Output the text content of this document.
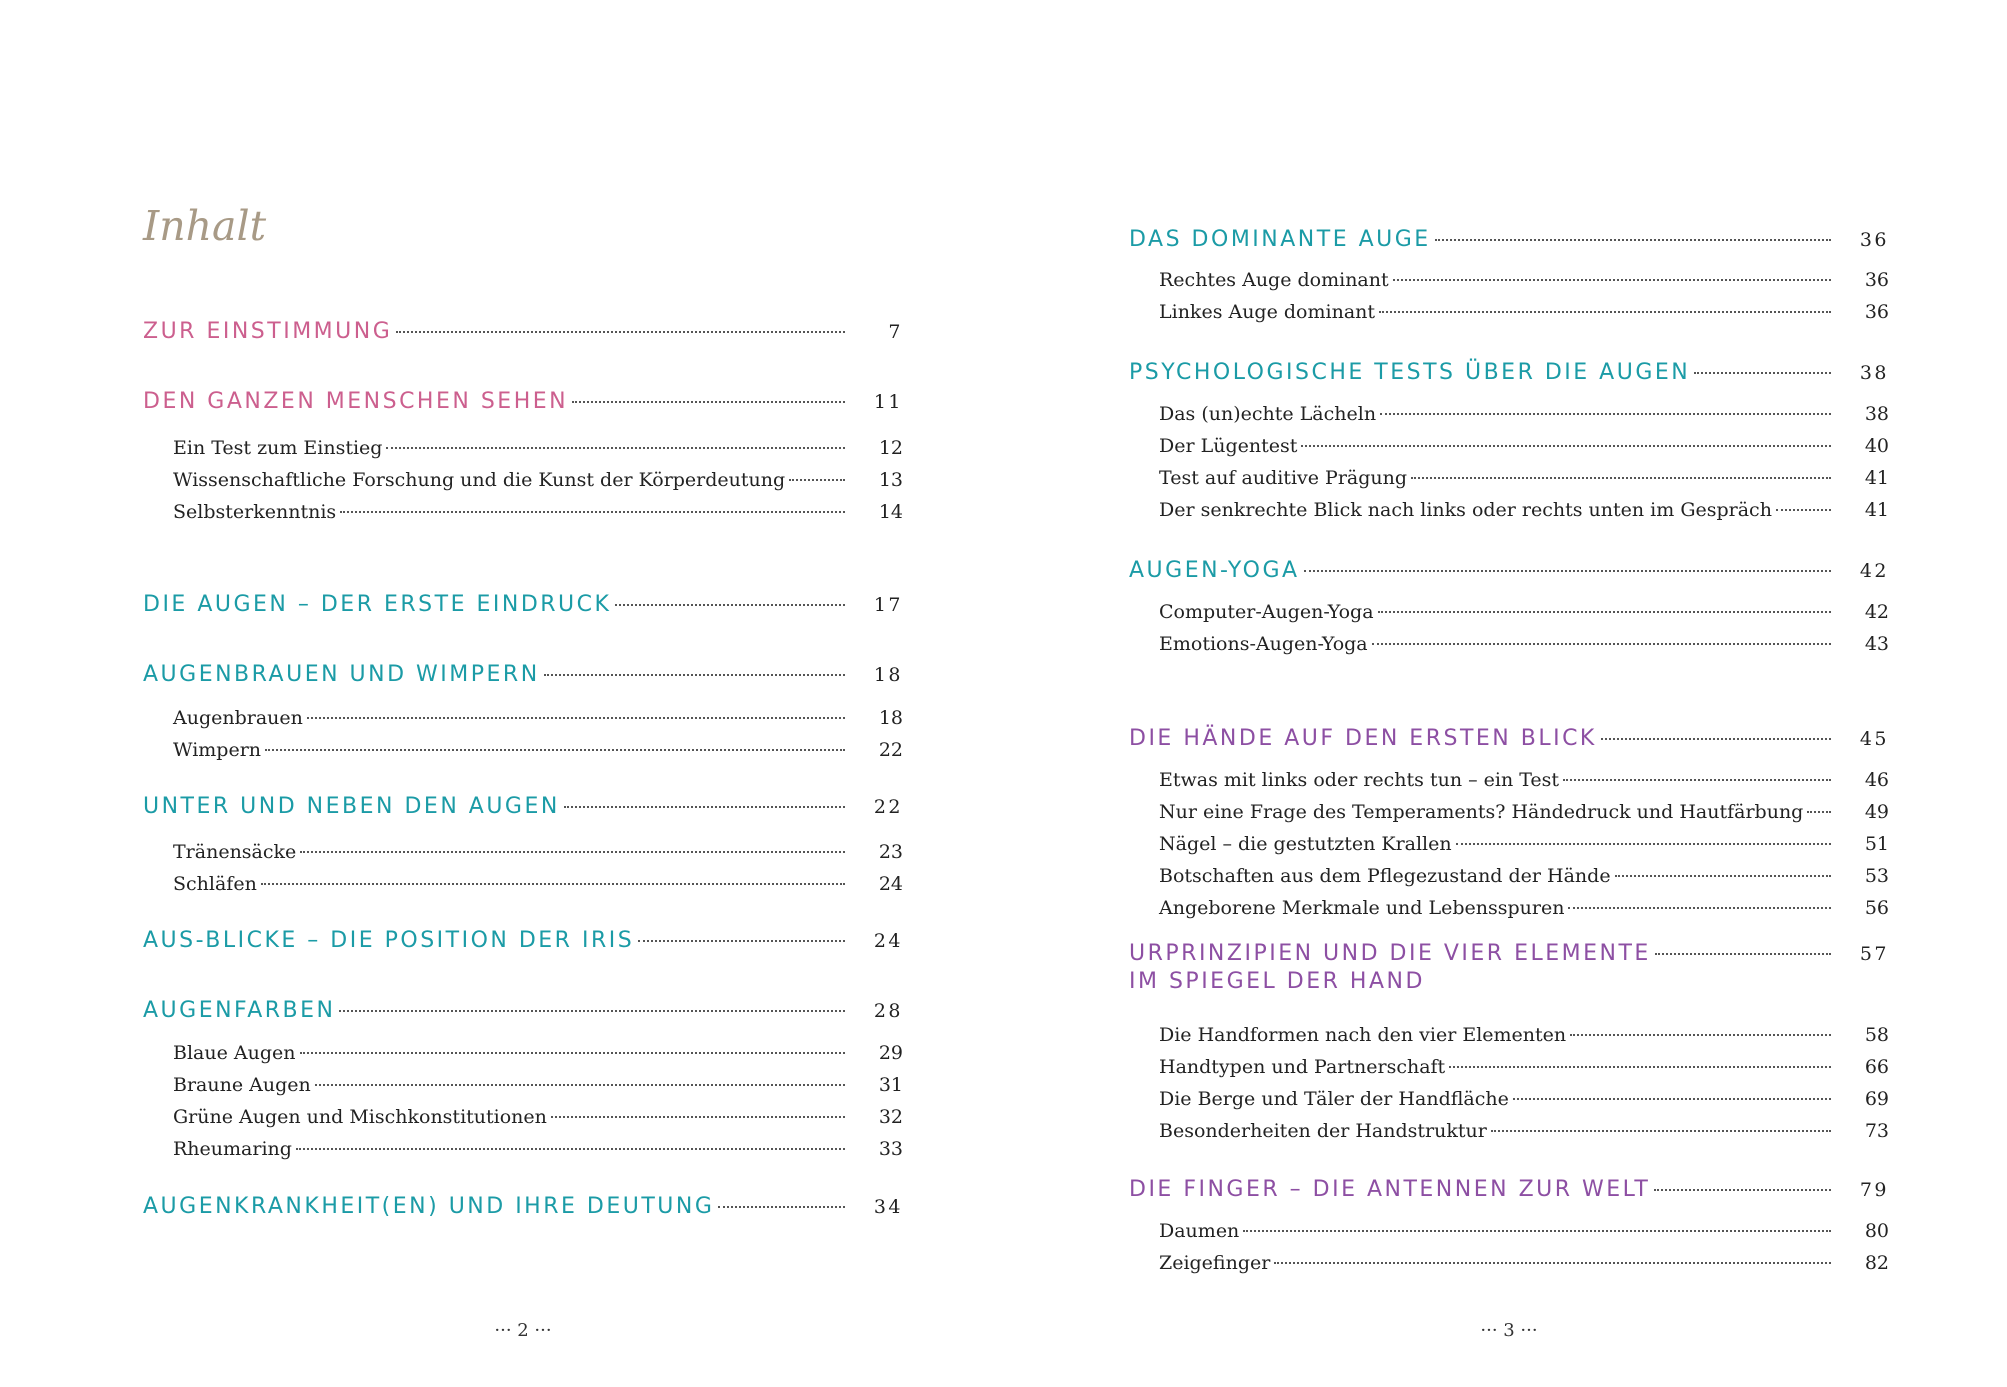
Inhalt
ZUR EINSTIMMUNG	7
DEN GANZEN MENSCHEN SEHEN	11
Ein Test zum Einstieg	12
Wissenschaftliche Forschung und die Kunst der Körperdeutung	13
Selbsterkenntnis	14
DIE AUGEN – DER ERSTE EINDRUCK	17
AUGENBRAUEN UND WIMPERN	18
Augenbrauen	18
Wimpern	22
UNTER UND NEBEN DEN AUGEN	22
Tränensäcke	23
Schläfen	24
AUS-BLICKE – DIE POSITION DER IRIS	24
AUGENFARBEN	28
Blaue Augen	29
Braune Augen	31
Grüne Augen und Mischkonstitutionen	32
Rheumaring	33
AUGENKRANKHEIT(EN) UND IHRE DEUTUNG	34
··· 2 ···
DAS DOMINANTE AUGE	36
Rechtes Auge dominant	36
Linkes Auge dominant	36
PSYCHOLOGISCHE TESTS ÜBER DIE AUGEN	38
Das (un)echte Lächeln	38
Der Lügentest	40
Test auf auditive Prägung	41
Der senkrechte Blick nach links oder rechts unten im Gespräch	41
AUGEN-YOGA	42
Computer-Augen-Yoga	42
Emotions-Augen-Yoga	43
DIE HÄNDE AUF DEN ERSTEN BLICK	45
Etwas mit links oder rechts tun – ein Test	46
Nur eine Frage des Temperaments? Händedruck und Hautfärbung	49
Nägel – die gestutzten Krallen	51
Botschaften aus dem Pflegezustand der Hände	53
Angeborene Merkmale und Lebensspuren	56
URPRINZIPIEN UND DIE VIER ELEMENTE
IM SPIEGEL DER HAND
57
Die Handformen nach den vier Elementen	58
Handtypen und Partnerschaft	66
Die Berge und Täler der Handfläche	69
Besonderheiten der Handstruktur	73
DIE FINGER – DIE ANTENNEN ZUR WELT	79
Daumen	80
Zeigefinger	82
··· 3 ···
